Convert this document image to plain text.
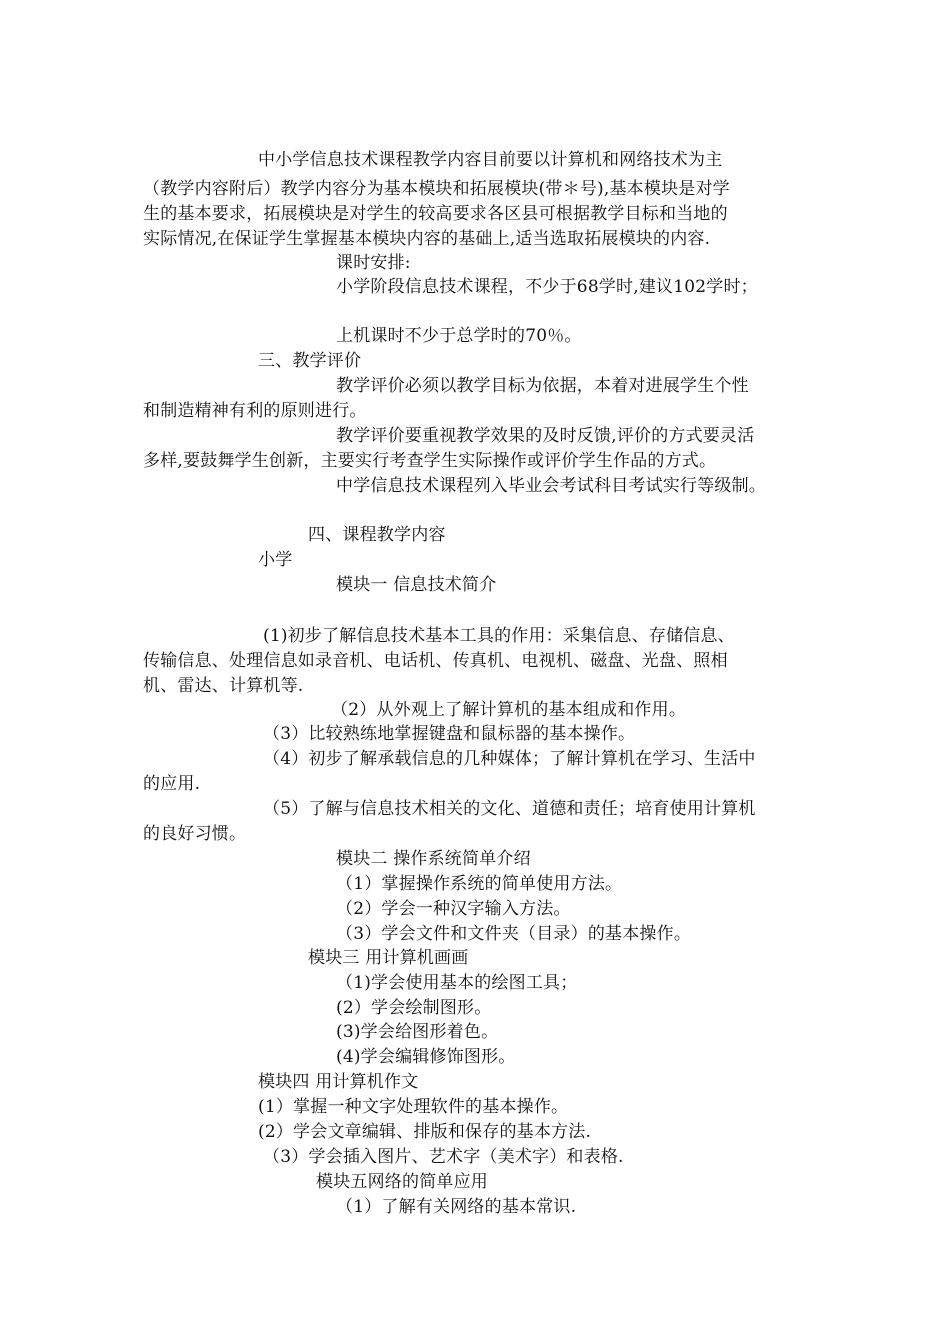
中小学信息技术课程教学内容目前要以计算机和网络技术为主
（教学内容附后）教学内容分为基本模块和拓展模块(带＊号),基本模块是对学
生的基本要求，拓展模块是对学生的较高要求各区县可根据教学目标和当地的
实际情况,在保证学生掌握基本模块内容的基础上,适当选取拓展模块的内容.
课时安排:
小学阶段信息技术课程，不少于68学时,建议102学时；
上机课时不少于总学时的70％。
三、教学评价
教学评价必须以教学目标为依据，本着对进展学生个性
和制造精神有利的原则进行。
教学评价要重视教学效果的及时反馈,评价的方式要灵活
多样,要鼓舞学生创新，主要实行考查学生实际操作或评价学生作品的方式。
中学信息技术课程列入毕业会考试科目考试实行等级制。
四、课程教学内容
小学
模块一 信息技术简介
(1)初步了解信息技术基本工具的作用：采集信息、存储信息、
传输信息、处理信息如录音机、电话机、传真机、电视机、磁盘、光盘、照相
机、雷达、计算机等.
（2）从外观上了解计算机的基本组成和作用。
（3）比较熟练地掌握键盘和鼠标器的基本操作。
（4）初步了解承载信息的几种媒体；了解计算机在学习、生活中
的应用.
（5）了解与信息技术相关的文化、道德和责任；培育使用计算机
的良好习惯。
模块二 操作系统简单介绍
（1）掌握操作系统的简单使用方法。
（2）学会一种汉字输入方法。
（3）学会文件和文件夹（目录）的基本操作。
模块三 用计算机画画
（1)学会使用基本的绘图工具；
(2）学会绘制图形。
(3)学会给图形着色。
(4)学会编辑修饰图形。
模块四 用计算机作文
(1）掌握一种文字处理软件的基本操作。
(2）学会文章编辑、排版和保存的基本方法.
（3）学会插入图片、艺术字（美术字）和表格.
模块五网络的简单应用
（1）了解有关网络的基本常识.
